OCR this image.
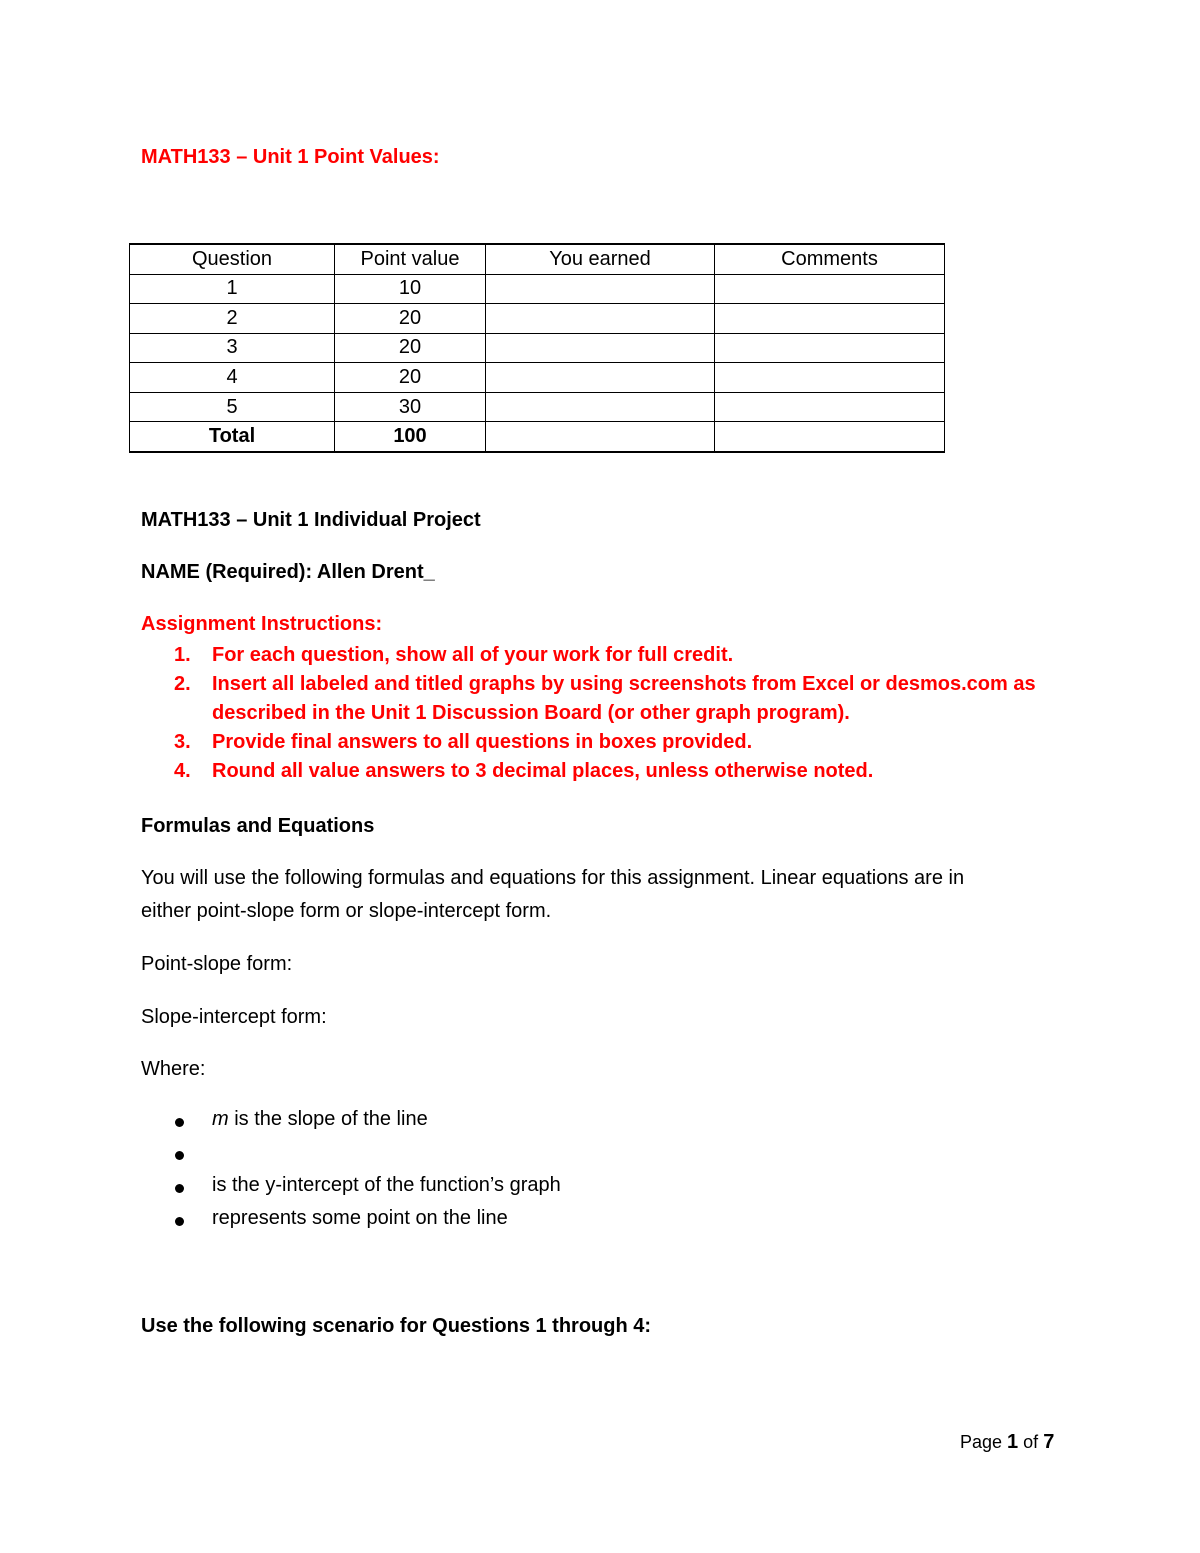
MATH133 – Unit 1 Point Values:
Question	Point value	You earned	Comments
1	10		
2	20		
3	20		
4	20		
5	30		
Total	100		
MATH133 – Unit 1 Individual Project
NAME (Required): Allen Drent_
Assignment Instructions:
1. For each question, show all of your work for full credit.
2. Insert all labeled and titled graphs by using screenshots from Excel or desmos.com as described in the Unit 1 Discussion Board (or other graph program).
3. Provide final answers to all questions in boxes provided.
4. Round all value answers to 3 decimal places, unless otherwise noted.
Formulas and Equations
You will use the following formulas and equations for this assignment. Linear equations are in
either point-slope form or slope-intercept form.
Point-slope form:
Slope-intercept form:
Where:
m is the slope of the line
is the y-intercept of the function’s graph
represents some point on the line
Use the following scenario for Questions 1 through 4:
Page 1 of 7
